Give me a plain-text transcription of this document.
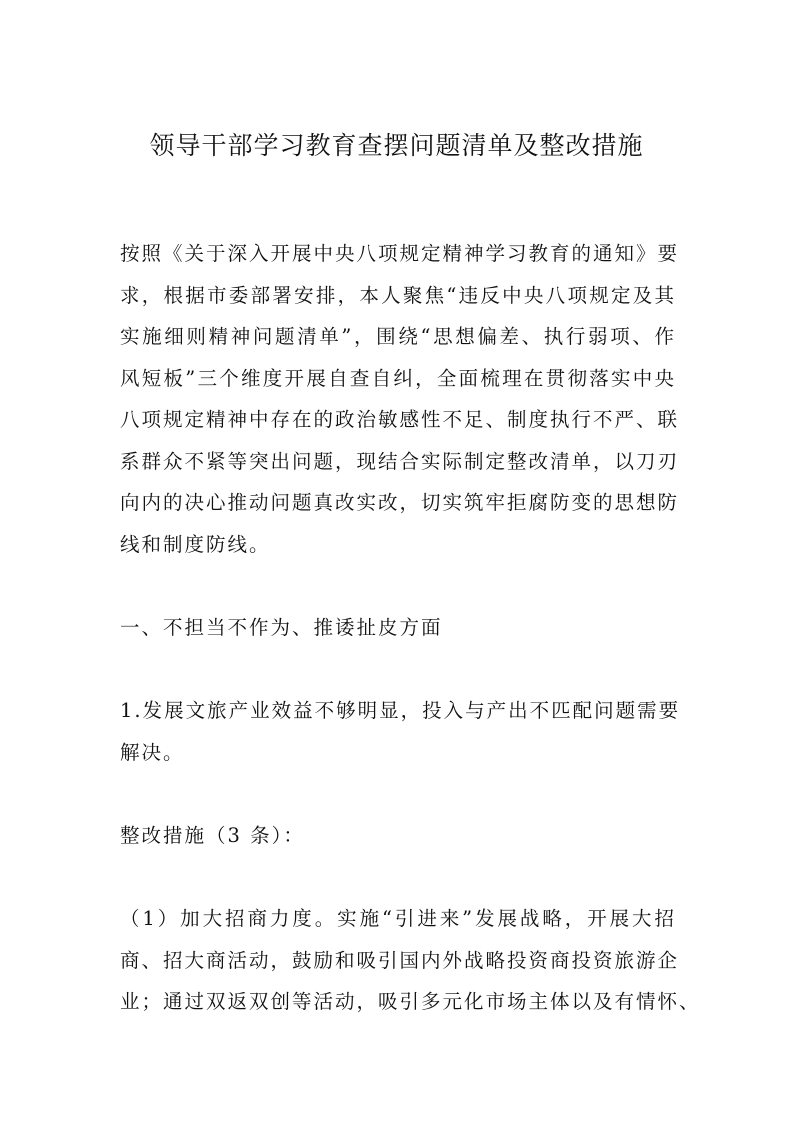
领导干部学习教育查摆问题清单及整改措施

按照《关于深入开展中央八项规定精神学习教育的通知》要
求，根据市委部署安排，本人聚焦“违反中央八项规定及其
实施细则精神问题清单”，围绕“思想偏差、执行弱项、作
风短板”三个维度开展自查自纠，全面梳理在贯彻落实中央
八项规定精神中存在的政治敏感性不足、制度执行不严、联
系群众不紧等突出问题，现结合实际制定整改清单，以刀刃
向内的决心推动问题真改实改，切实筑牢拒腐防变的思想防
线和制度防线。

一、不担当不作为、推诿扯皮方面

1.发展文旅产业效益不够明显，投入与产出不匹配问题需要
解决。

整改措施（3 条）：

（1）加大招商力度。实施“引进来”发展战略，开展大招
商、招大商活动，鼓励和吸引国内外战略投资商投资旅游企
业；通过双返双创等活动，吸引多元化市场主体以及有情怀、
